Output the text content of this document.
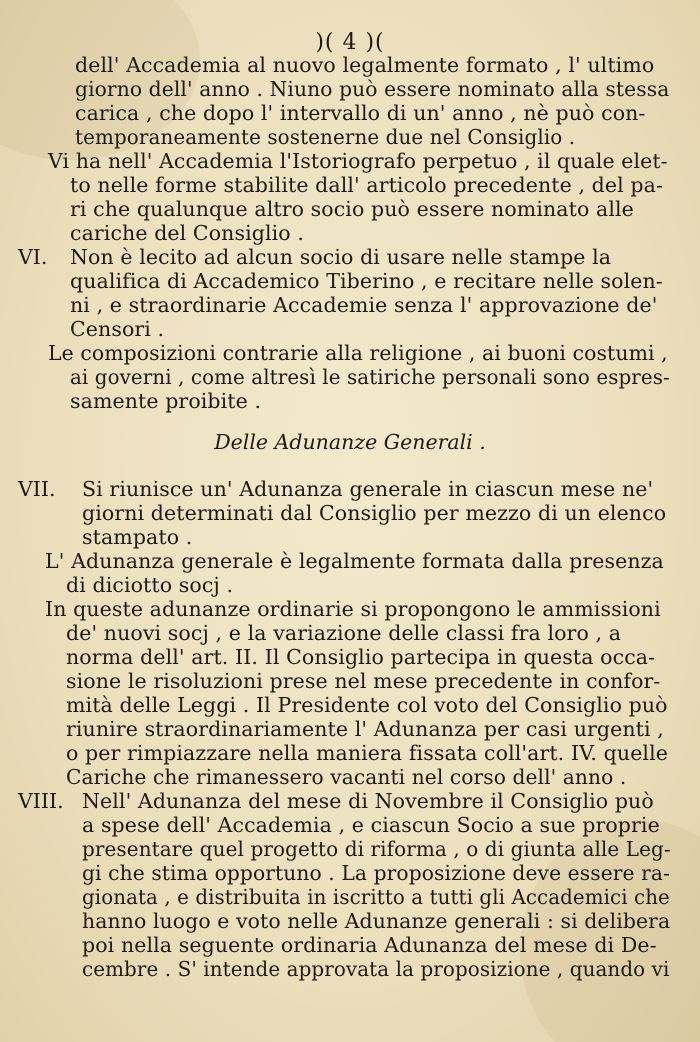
)( 4 )(
dell' Accademia al nuovo legalmente formato , l' ultimo
giorno dell' anno . Niuno può essere nominato alla stessa
carica , che dopo l' intervallo di un' anno , nè può con-
temporaneamente sostenerne due nel Consiglio .
Vi ha nell' Accademia l'Istoriografo perpetuo , il quale elet-
to nelle forme stabilite dall' articolo precedente , del pa-
ri che qualunque altro socio può essere nominato alle
cariche del Consiglio .
VI. Non è lecito ad alcun socio di usare nelle stampe la
qualifica di Accademico Tiberino , e recitare nelle solen-
ni , e straordinarie Accademie senza l' approvazione de'
Censori .
Le composizioni contrarie alla religione , ai buoni costumi ,
ai governi , come altresì le satiriche personali sono espres-
samente proibite .
VII. Si riunisce un' Adunanza generale in ciascun mese ne'
giorni determinati dal Consiglio per mezzo di un elenco
stampato .
L' Adunanza generale è legalmente formata dalla presenza
di diciotto socj .
In queste adunanze ordinarie si propongono le ammissioni
de' nuovi socj , e la variazione delle classi fra loro , a
norma dell' art. II. Il Consiglio partecipa in questa occa-
sione le risoluzioni prese nel mese precedente in confor-
mità delle Leggi . Il Presidente col voto del Consiglio può
riunire straordinariamente l' Adunanza per casi urgenti ,
o per rimpiazzare nella maniera fissata coll'art. IV. quelle
Cariche che rimanessero vacanti nel corso dell' anno .
VIII. Nell' Adunanza del mese di Novembre il Consiglio può
a spese dell' Accademia , e ciascun Socio a sue proprie
presentare quel progetto di riforma , o di giunta alle Leg-
gi che stima opportuno . La proposizione deve essere ra-
gionata , e distribuita in iscritto a tutti gli Accademici che
hanno luogo e voto nelle Adunanze generali : si delibera
poi nella seguente ordinaria Adunanza del mese di De-
cembre . S' intende approvata la proposizione , quando vi
Delle Adunanze Generali .
